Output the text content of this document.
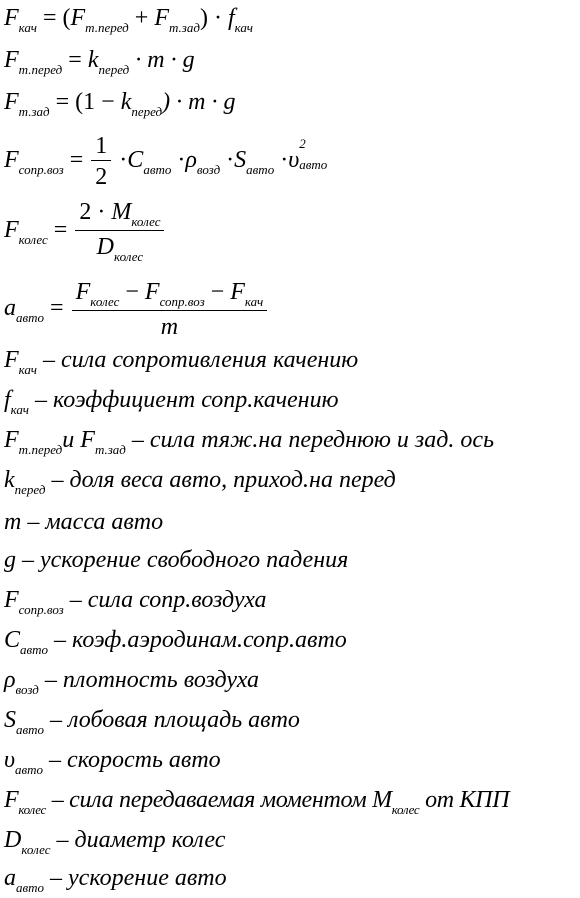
$F_{кач} = (F_{т.перед} + F_{т.зад}) \cdot f_{кач}$
$F_{т.перед} = k_{перед} \cdot m \cdot g$
$F_{т.зад} = (1 - k_{перед}) \cdot m \cdot g$
$F_{сопр.воз} = \frac{1}{2} \cdot C_{авто} \cdot\rho_{возд} \cdot S_{авто} \cdot\upsilon$
2
авто
$F_{колес} = \frac{2 \cdot M_{колес}}{D_{колес}}$
$a_{авто} = \frac{F_{колес} - F_{сопр.воз} - F_{кач}}{m}$
$F_{кач}$ – сила сопротивления качению
$f_{кач}$ – коэффициент сопр.качению
$F_{т.перед}и$ $F_{т.зад}$ – сила тяж.на переднюю и зад. ось
$k_{перед}$ – доля веса авто, приход.на перед
m – масса авто
g – ускорение свободного падения
$F_{сопр.воз}$ – сила сопр.воздуха
$C_{авто}$ – коэф.аэродинам.сопр.авто
$\rho_{возд}$ – плотность воздуха
$S_{авто}$ – лобовая площадь авто
$\upsilon_{авто}$ – скорость авто
$F_{колес}$ – сила передаваемая моментом $M_{колес}$ от КПП
$D_{колес}$ – диаметр колес
$a_{авто}$ – ускорение авто
